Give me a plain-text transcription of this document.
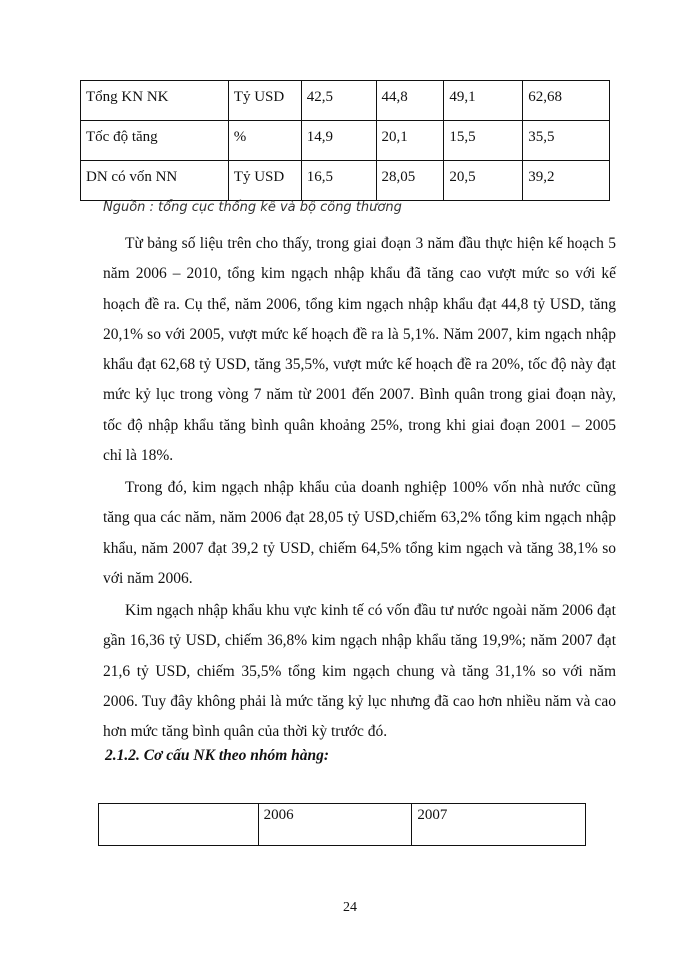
Tổng KN NK	Tỷ USD	42,5	44,8	49,1	62,68
Tốc độ tăng	%	14,9	20,1	15,5	35,5
DN có vốn NN	Tỷ USD	16,5	28,05	20,5	39,2
Nguồn : tổng cục thống kê và bộ công thương

Từ bảng số liệu trên cho thấy, trong giai đoạn 3 năm đầu thực hiện kế hoạch 5 năm 2006 – 2010, tổng kim ngạch nhập khẩu đã tăng cao vượt mức so với kế hoạch đề ra. Cụ thể, năm 2006, tổng kim ngạch nhập khẩu đạt 44,8 tỷ USD, tăng 20,1% so với 2005, vượt mức kế hoạch đề ra là 5,1%. Năm 2007, kim ngạch nhập khẩu đạt 62,68 tỷ USD, tăng 35,5%, vượt mức kế hoạch đề ra 20%, tốc độ này đạt mức kỷ lục trong vòng 7 năm từ 2001 đến 2007. Bình quân trong giai đoạn này, tốc độ nhập khẩu tăng bình quân khoảng 25%, trong khi giai đoạn 2001 – 2005 chỉ là 18%.

Trong đó, kim ngạch nhập khẩu của doanh nghiệp 100% vốn nhà nước cũng tăng qua các năm, năm 2006 đạt 28,05 tỷ USD,chiếm 63,2% tổng kim ngạch nhập khẩu, năm 2007 đạt 39,2 tỷ USD, chiếm 64,5% tổng kim ngạch và tăng 38,1% so với năm 2006.

Kim ngạch nhập khẩu khu vực kinh tế có vốn đầu tư nước ngoài năm 2006 đạt gần 16,36 tỷ USD, chiếm 36,8% kim ngạch nhập khẩu tăng 19,9%; năm 2007 đạt 21,6 tỷ USD, chiếm 35,5% tổng kim ngạch chung và tăng 31,1% so với năm 2006. Tuy đây không phải là mức tăng kỷ lục nhưng đã cao hơn nhiều năm và cao hơn mức tăng bình quân của thời kỳ trước đó.

2.1.2. Cơ cấu NK theo nhóm hàng:
	2006	2007
24
